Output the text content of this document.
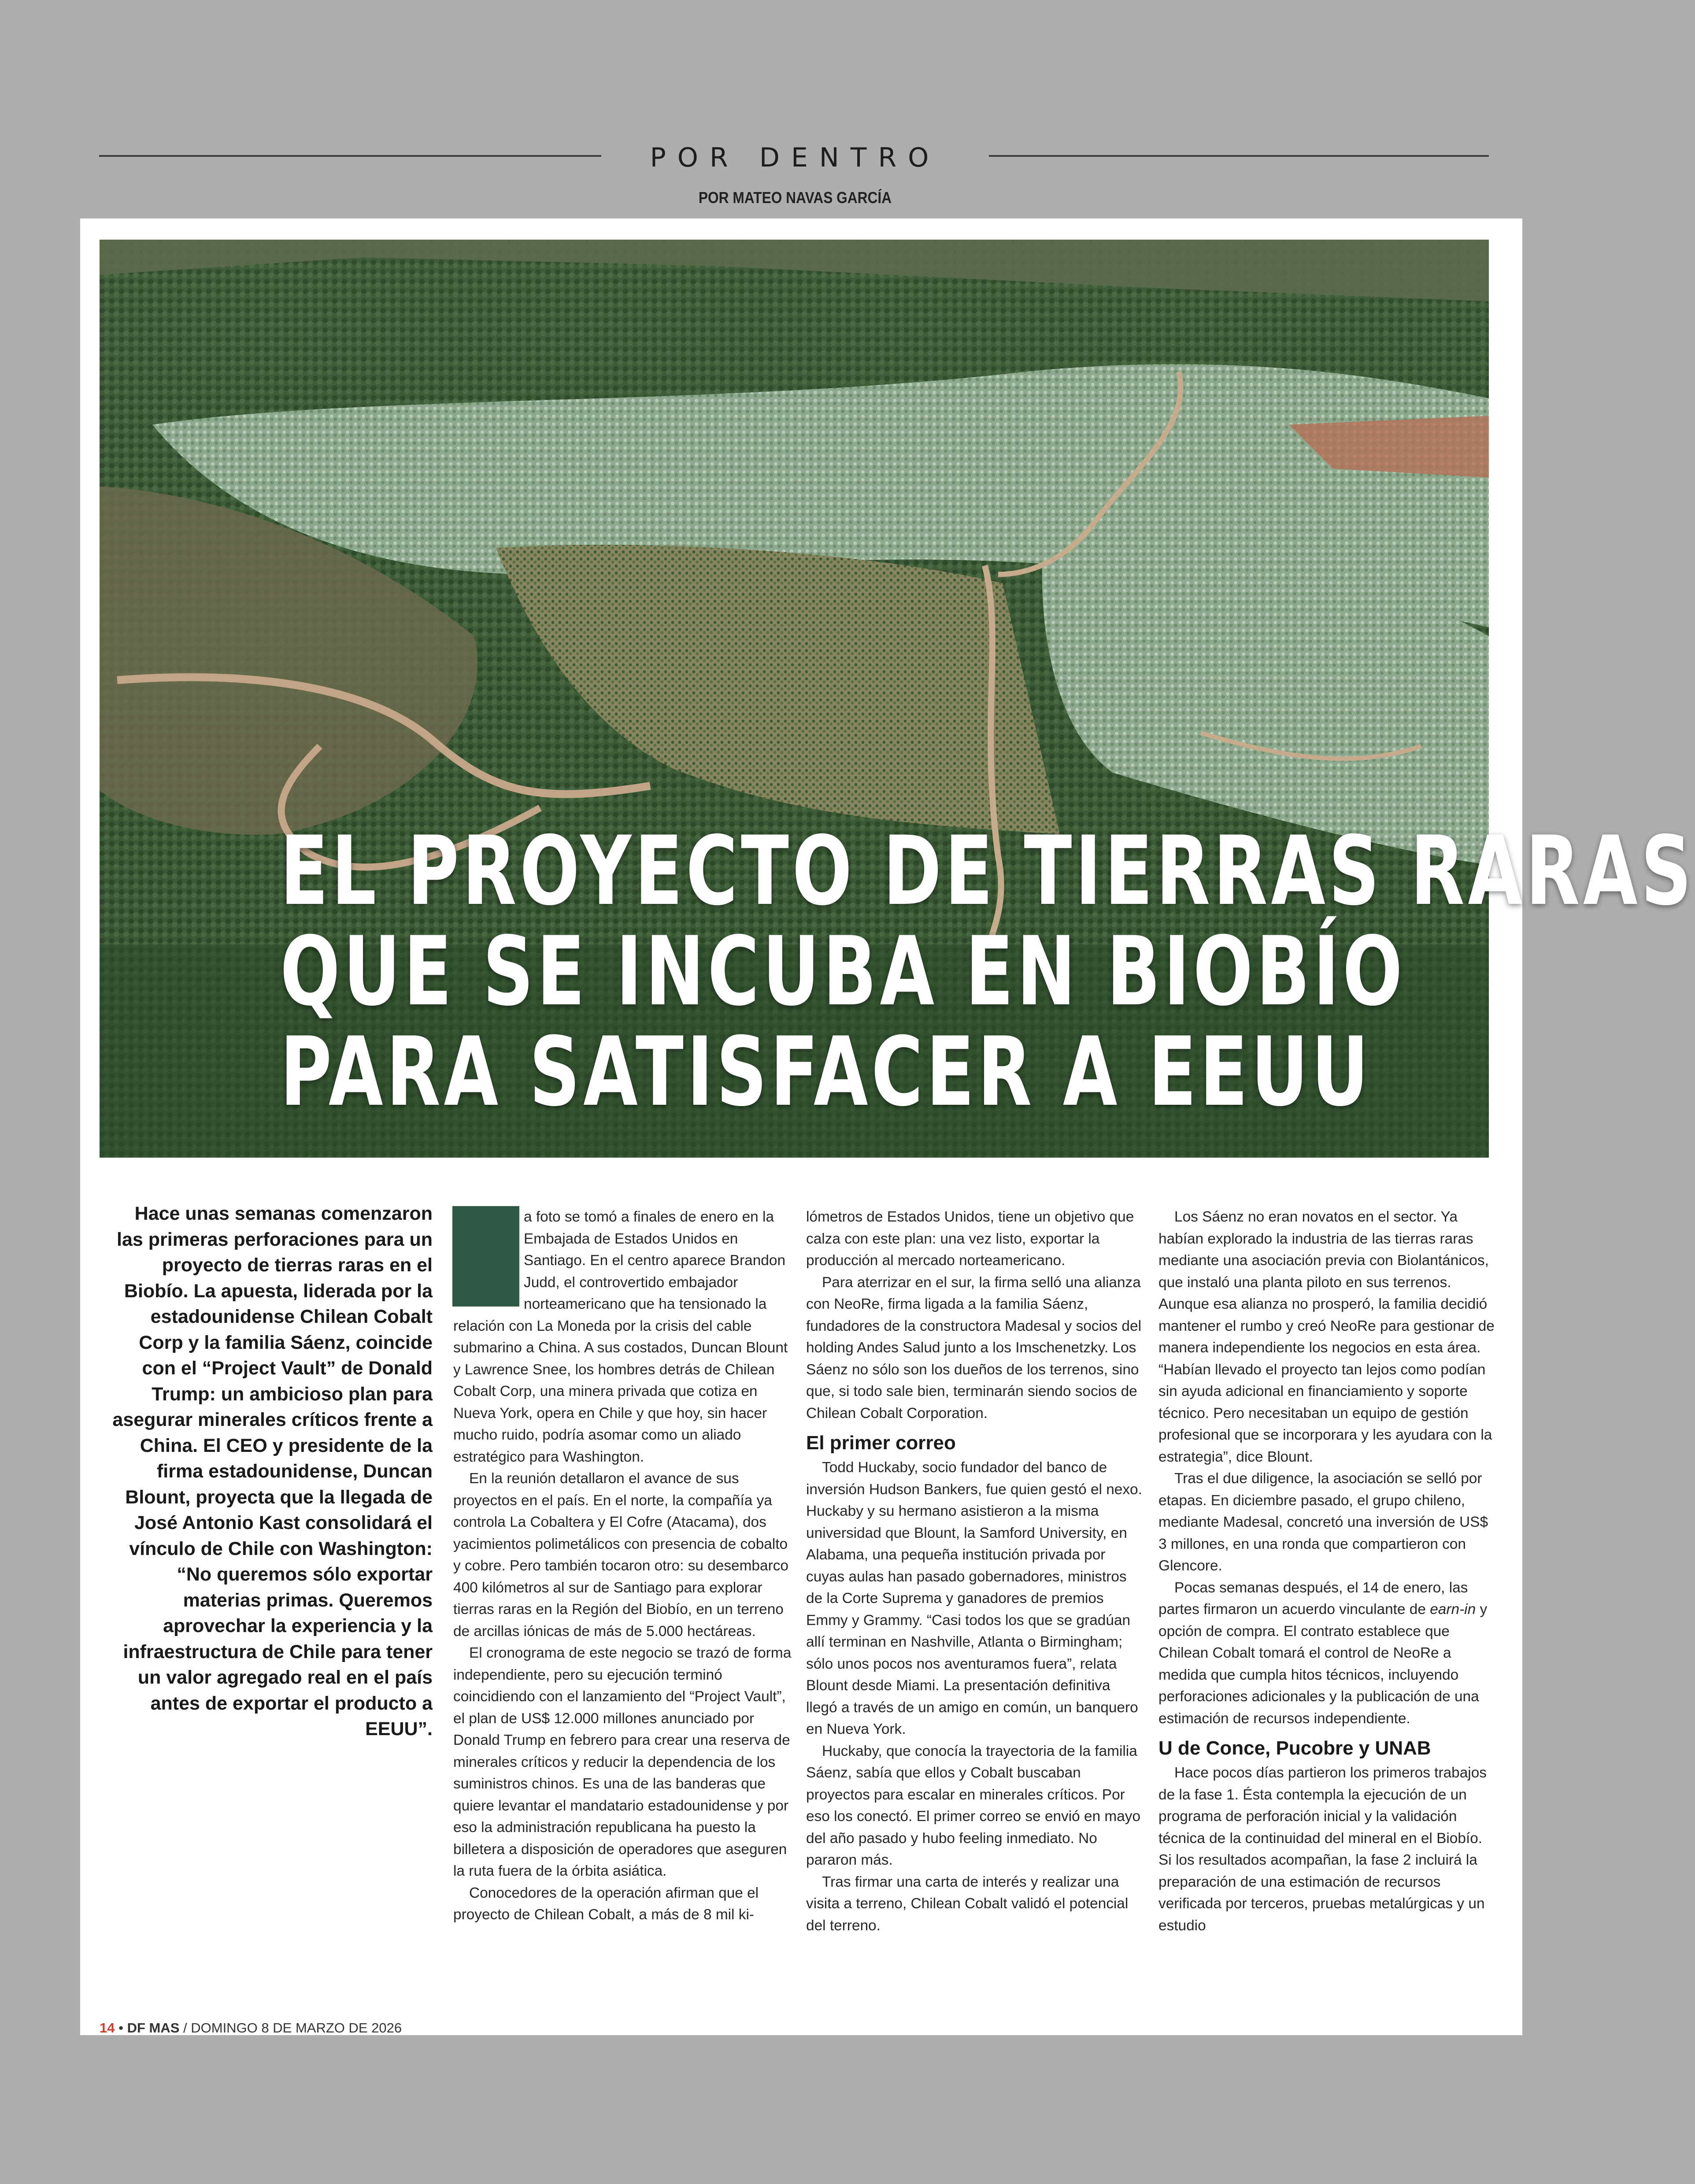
POR DENTRO
POR MATEO NAVAS GARCÍA
EL PROYECTO DE TIERRAS RARAS
QUE SE INCUBA EN BIOBÍO
PARA SATISFACER A EEUU
Hace unas semanas comenzaron las primeras perforaciones para un proyecto de tierras raras en el Biobío. La apuesta, liderada por la estadounidense Chilean Cobalt Corp y la familia Sáenz, coincide con el “Project Vault” de Donald Trump: un ambicioso plan para asegurar minerales críticos frente a China. El CEO y presidente de la firma estadounidense, Duncan Blount, proyecta que la llegada de José Antonio Kast consolidará el vínculo de Chile con Washington: “No queremos sólo exportar materias primas. Queremos aprovechar la experiencia y la infraestructura de Chile para tener un valor agregado real en el país antes de exportar el producto a EEUU”.

a foto se tomó a finales de enero en la Embajada de Estados Unidos en Santiago. En el centro aparece Brandon Judd, el controvertido embajador norteamericano que ha tensionado la relación con La Moneda por la crisis del cable submarino a China. A sus costados, Duncan Blount y Lawrence Snee, los hombres detrás de Chilean Cobalt Corp, una minera privada que cotiza en Nueva York, opera en Chile y que hoy, sin hacer mucho ruido, podría asomar como un aliado estratégico para Washington.

En la reunión detallaron el avance de sus proyectos en el país. En el norte, la compañía ya controla La Cobaltera y El Cofre (Atacama), dos yacimientos polimetálicos con presencia de cobalto y cobre. Pero también tocaron otro: su desembarco 400 kilómetros al sur de Santiago para explorar tierras raras en la Región del Biobío, en un terreno de arcillas iónicas de más de 5.000 hectáreas.

El cronograma de este negocio se trazó de forma independiente, pero su ejecución terminó coincidiendo con el lanzamiento del “Project Vault”, el plan de US$ 12.000 millones anunciado por Donald Trump en febrero para crear una reserva de minerales críticos y reducir la dependencia de los suministros chinos. Es una de las banderas que quiere levantar el mandatario estadounidense y por eso la administración republicana ha puesto la billetera a disposición de operadores que aseguren la ruta fuera de la órbita asiática.

Conocedores de la operación afirman que el proyecto de Chilean Cobalt, a más de 8 mil ki-

lómetros de Estados Unidos, tiene un objetivo que calza con este plan: una vez listo, exportar la producción al mercado norteamericano.

Para aterrizar en el sur, la firma selló una alianza con NeoRe, firma ligada a la familia Sáenz, fundadores de la constructora Madesal y socios del holding Andes Salud junto a los Imschenetzky. Los Sáenz no sólo son los dueños de los terrenos, sino que, si todo sale bien, terminarán siendo socios de Chilean Cobalt Corporation.

El primer correo

Todd Huckaby, socio fundador del banco de inversión Hudson Bankers, fue quien gestó el nexo. Huckaby y su hermano asistieron a la misma universidad que Blount, la Samford University, en Alabama, una pequeña institución privada por cuyas aulas han pasado gobernadores, ministros de la Corte Suprema y ganadores de premios Emmy y Grammy. “Casi todos los que se gradúan allí terminan en Nashville, Atlanta o Birmingham; sólo unos pocos nos aventuramos fuera”, relata Blount desde Miami. La presentación definitiva llegó a través de un amigo en común, un banquero en Nueva York.

Huckaby, que conocía la trayectoria de la familia Sáenz, sabía que ellos y Cobalt buscaban proyectos para escalar en minerales críticos. Por eso los conectó. El primer correo se envió en mayo del año pasado y hubo feeling inmediato. No pararon más.

Tras firmar una carta de interés y realizar una visita a terreno, Chilean Cobalt validó el potencial del terreno.

Los Sáenz no eran novatos en el sector. Ya habían explorado la industria de las tierras raras mediante una asociación previa con Biolantánicos, que instaló una planta piloto en sus terrenos. Aunque esa alianza no prosperó, la familia decidió mantener el rumbo y creó NeoRe para gestionar de manera independiente los negocios en esta área. “Habían llevado el proyecto tan lejos como podían sin ayuda adicional en financiamiento y soporte técnico. Pero necesitaban un equipo de gestión profesional que se incorporara y les ayudara con la estrategia”, dice Blount.

Tras el due diligence, la asociación se selló por etapas. En diciembre pasado, el grupo chileno, mediante Madesal, concretó una inversión de US$ 3 millones, en una ronda que compartieron con Glencore.

Pocas semanas después, el 14 de enero, las partes firmaron un acuerdo vinculante de earn-in y opción de compra. El contrato establece que Chilean Cobalt tomará el control de NeoRe a medida que cumpla hitos técnicos, incluyendo perforaciones adicionales y la publicación de una estimación de recursos independiente.

U de Conce, Pucobre y UNAB

Hace pocos días partieron los primeros trabajos de la fase 1. Ésta contempla la ejecución de un programa de perforación inicial y la validación técnica de la continuidad del mineral en el Biobío. Si los resultados acompañan, la fase 2 incluirá la preparación de una estimación de recursos verificada por terceros, pruebas metalúrgicas y un estudio

14 • DF MAS / DOMINGO 8 DE MARZO DE 2026
